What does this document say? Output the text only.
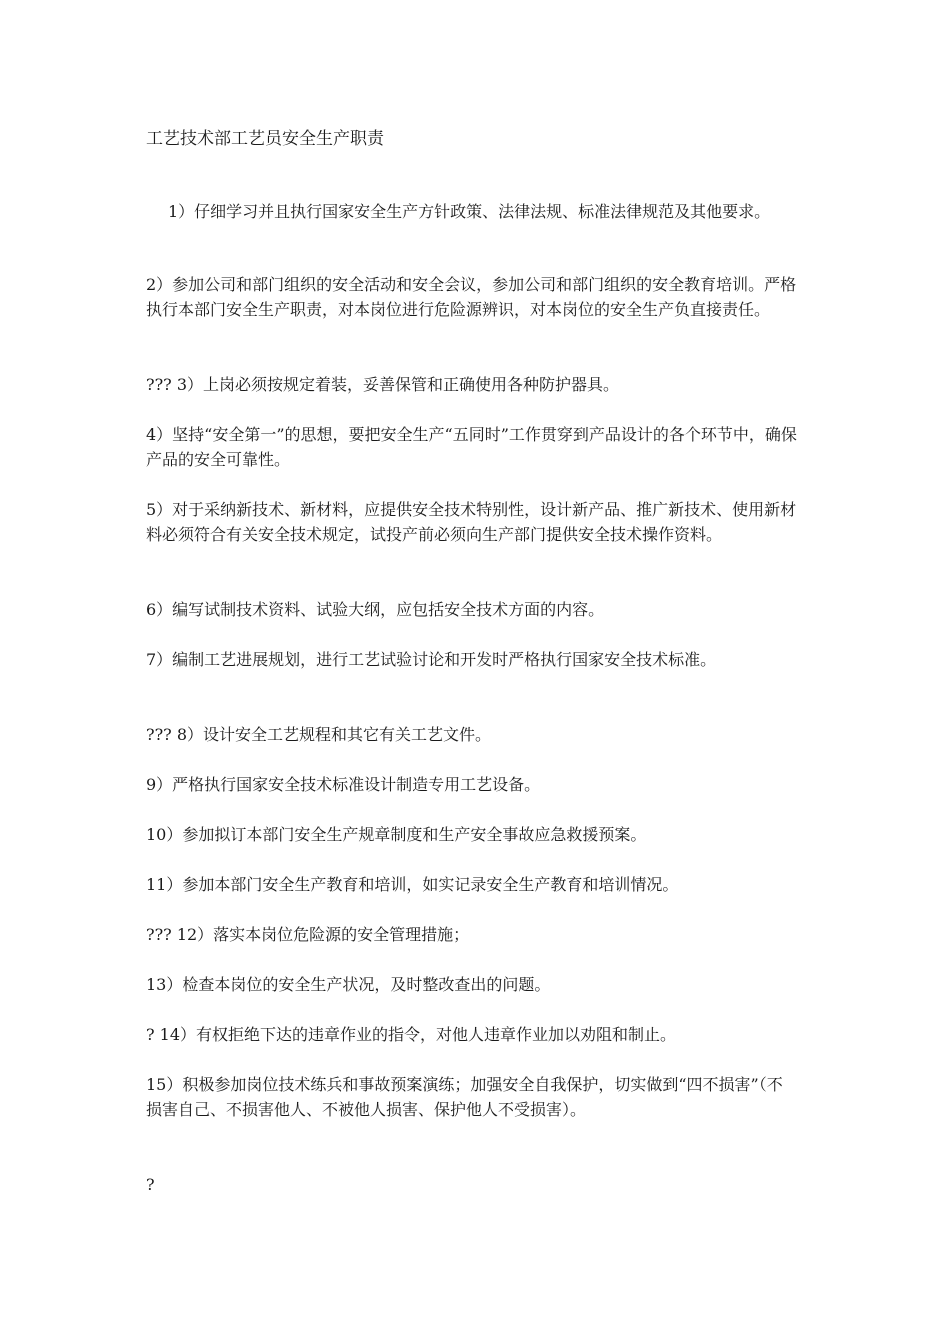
工艺技术部工艺员安全生产职责

1）仔细学习并且执行国家安全生产方针政策、法律法规、标准法律规范及其他要求。

2）参加公司和部门组织的安全活动和安全会议，参加公司和部门组织的安全教育培训。严格执行本部门安全生产职责，对本岗位进行危险源辨识，对本岗位的安全生产负直接责任。

??? 3）上岗必须按规定着装，妥善保管和正确使用各种防护器具。

4）坚持“安全第一”的思想，要把安全生产“五同时”工作贯穿到产品设计的各个环节中，确保产品的安全可靠性。

5）对于采纳新技术、新材料，应提供安全技术特别性，设计新产品、推广新技术、使用新材料必须符合有关安全技术规定，试投产前必须向生产部门提供安全技术操作资料。

6）编写试制技术资料、试验大纲，应包括安全技术方面的内容。

7）编制工艺进展规划，进行工艺试验讨论和开发时严格执行国家安全技术标准。

??? 8）设计安全工艺规程和其它有关工艺文件。

9）严格执行国家安全技术标准设计制造专用工艺设备。

10）参加拟订本部门安全生产规章制度和生产安全事故应急救援预案。

11）参加本部门安全生产教育和培训，如实记录安全生产教育和培训情况。

??? 12）落实本岗位危险源的安全管理措施；

13）检查本岗位的安全生产状况，及时整改查出的问题。

? 14）有权拒绝下达的违章作业的指令，对他人违章作业加以劝阻和制止。

15）积极参加岗位技术练兵和事故预案演练；加强安全自我保护，切实做到“四不损害”（不损害自己、不损害他人、不被他人损害、保护他人不受损害）。

?
